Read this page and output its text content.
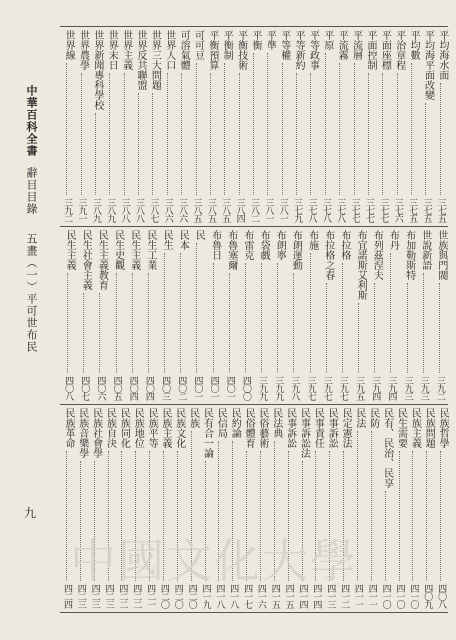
中華百科全書辭目目錄五畫（一）平可世布民
九
平均海水面
三七五
平均海平面改變
三七五
平均數
三七五
平治章程
三七六
平面座標
三七七
平面控制
三七七
平流層
三七七
平流霧
三七八
平原
三七八
平等政事
三七八
平等新約
三七九
平等權
三八一
平準
三八一
平衡
三八二
平衡技術
三八四
平衡制
三八五
平衡預算
三八五
可可豆
三八五
可溶氣體
三八六
世界人口
三八六
世界三大問題
三八七
世界反共聯盟
三八八
世界主義
三八八
世界末日
三八九
世界新聞專科學校
三八九
世界農學
三九一
世界線
三九二
世族與門閥
三九二
世說新語
三九三
布加勒斯特
三九三
布丹
三九四
布列茲涅夫
三九四
布宜諾斯艾利斯
三九五
布拉格
三九七
布拉格之春
三九七
布施
三九七
布朗運動
三九八
布朗寧
三九九
布袋戲
三九九
布雷克
四〇〇
布魯塞爾
四〇一
布魯日
四〇一
民
四〇一
民本
四〇二
民生
四〇三
民生工業
四〇四
民生主義
四〇四
民生史觀
四〇五
民生主義教育
四〇六
民生社會主義
四〇七
民生主義
四〇八
民族哲學
四〇八
民族問題
四〇九
民族主義
四一〇
民生需要
四一〇
民有、民治、民享
四一〇
民防
四一一
民法
四一一
民定憲法
四一二
民事訴訟
四一三
民事責任
四一四
民事訴訟法
四一四
民事訴訟
四一五
民法典
四一五
民俗藝術
四一六
民俗體育
四一七
民約論
四一八
民信局
四一八
民有合一論
四一九
民族
四二〇
民族文化
四二〇
民族主義
四二〇
民族平等
四二一
民族地位
四二二
民族同化
四二二
民族自決
四二三
民族社會學
四二三
民族音樂學
四二三
民族革命
四二四
中國文化大學
